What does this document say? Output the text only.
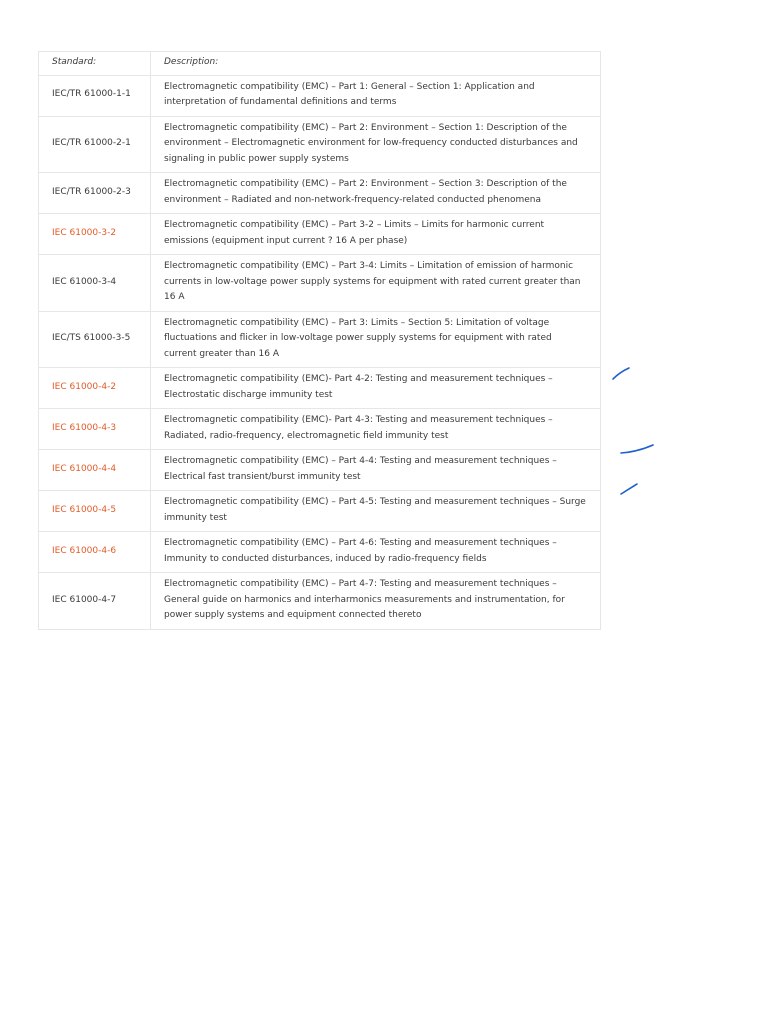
Standard:	Description:
IEC/TR 61000-1-1	Electromagnetic compatibility (EMC) – Part 1: General – Section 1: Application and interpretation of fundamental definitions and terms
IEC/TR 61000-2-1	Electromagnetic compatibility (EMC) – Part 2: Environment – Section 1: Description of the environment – Electromagnetic environment for low-frequency conducted disturbances and signaling in public power supply systems
IEC/TR 61000-2-3	Electromagnetic compatibility (EMC) – Part 2: Environment – Section 3: Description of the environment – Radiated and non-network-frequency-related conducted phenomena
IEC 61000-3-2	Electromagnetic compatibility (EMC) – Part 3-2 – Limits – Limits for harmonic current emissions (equipment input current ? 16 A per phase)
IEC 61000-3-4	Electromagnetic compatibility (EMC) – Part 3-4: Limits – Limitation of emission of harmonic currents in low-voltage power supply systems for equipment with rated current greater than 16 A
IEC/TS 61000-3-5	Electromagnetic compatibility (EMC) – Part 3: Limits – Section 5: Limitation of voltage fluctuations and flicker in low-voltage power supply systems for equipment with rated current greater than 16 A
IEC 61000-4-2	Electromagnetic compatibility (EMC)- Part 4-2: Testing and measurement techniques – Electrostatic discharge immunity test
IEC 61000-4-3	Electromagnetic compatibility (EMC)- Part 4-3: Testing and measurement techniques – Radiated, radio-frequency, electromagnetic field immunity test
IEC 61000-4-4	Electromagnetic compatibility (EMC) – Part 4-4: Testing and measurement techniques – Electrical fast transient/burst immunity test
IEC 61000-4-5	Electromagnetic compatibility (EMC) – Part 4-5: Testing and measurement techniques – Surge immunity test
IEC 61000-4-6	Electromagnetic compatibility (EMC) – Part 4-6: Testing and measurement techniques – Immunity to conducted disturbances, induced by radio-frequency fields
IEC 61000-4-7	Electromagnetic compatibility (EMC) – Part 4-7: Testing and measurement techniques – General guide on harmonics and interharmonics measurements and instrumentation, for power supply systems and equipment connected thereto
